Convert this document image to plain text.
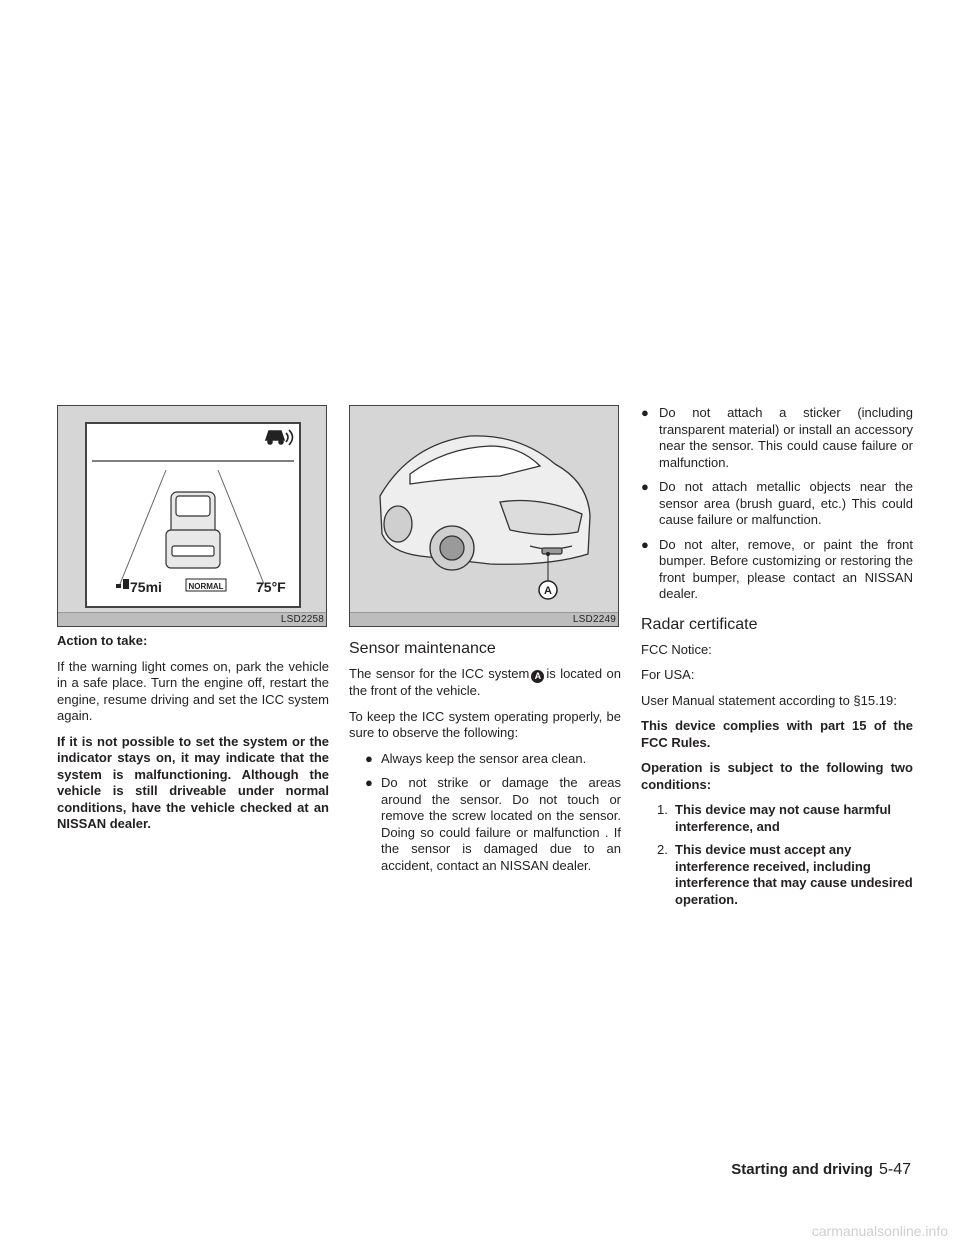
75mi	NORMAL 75°F
LSD2258

Action to take:

If the warning light comes on, park the vehicle in a safe place. Turn the engine off, restart the engine, resume driving and set the ICC system again.

If it is not possible to set the system or the indicator stays on, it may indicate that the system is malfunctioning. Although the vehicle is still driveable under normal conditions, have the vehicle checked at an NISSAN dealer.

A
LSD2249
Sensor maintenance

The sensor for the ICC system A is located on the front of the vehicle.

To keep the ICC system operating properly, be sure to observe the following:

● Always keep the sensor area clean.
● Do not strike or damage the areas around the sensor. Do not touch or remove the screw located on the sensor. Doing so could failure or malfunction . If the sensor is damaged due to an accident, contact an NISSAN dealer.
● Do not attach a sticker (including transparent material) or install an accessory near the sensor. This could cause failure or malfunction.
● Do not attach metallic objects near the sensor area (brush guard, etc.) This could cause failure or malfunction.
● Do not alter, remove, or paint the front bumper. Before customizing or restoring the front bumper, please contact an NISSAN dealer.
Radar certificate

FCC Notice:

For USA:

User Manual statement according to §15.19:

This device complies with part 15 of the FCC Rules.

Operation is subject to the following two conditions:

1. This device may not cause harmful interference, and
2. This device must accept any interference received, including interference that may cause undesired operation.
Starting and driving 5-47
carmanualsonline.info
